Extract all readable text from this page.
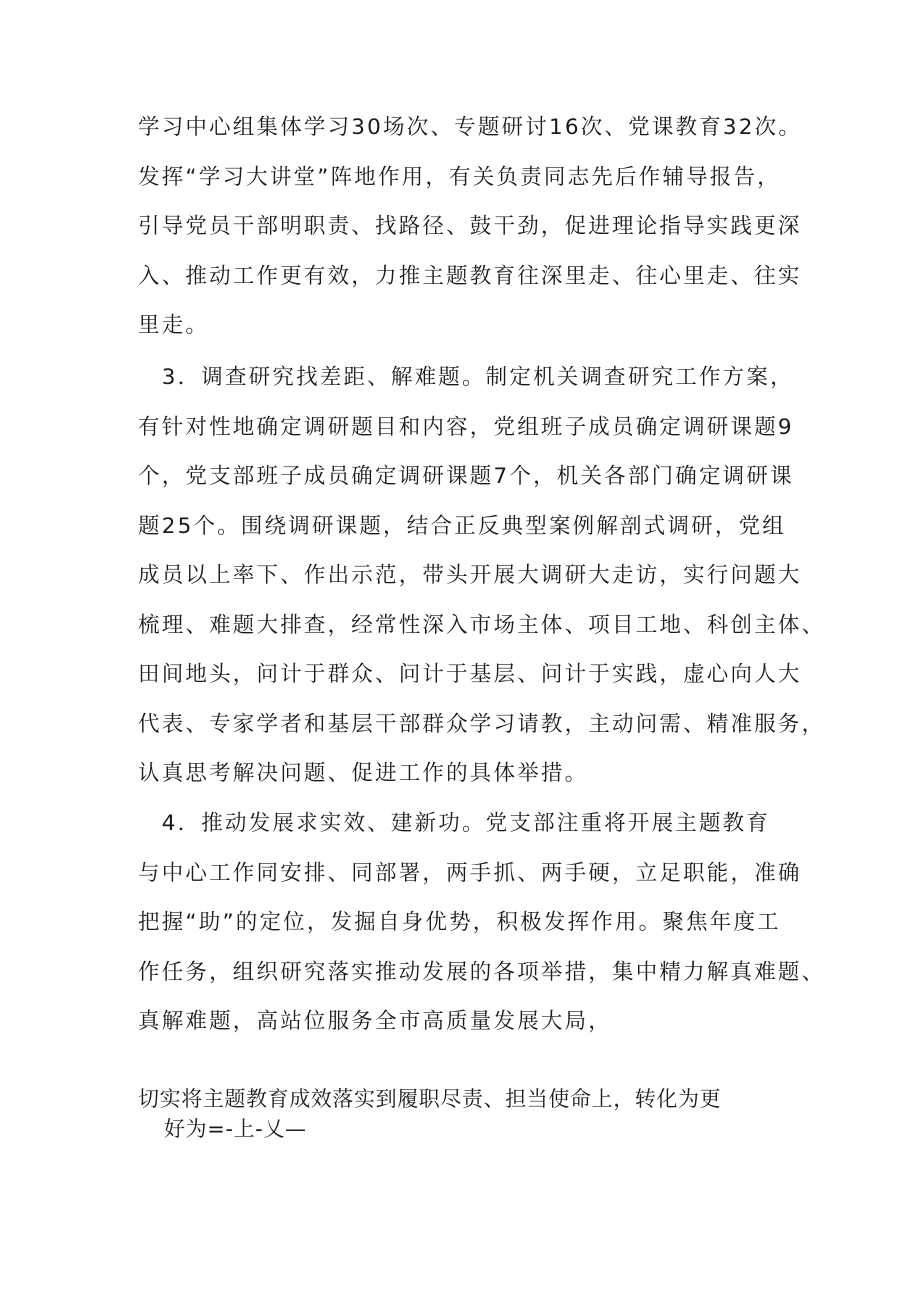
学习中心组集体学习30场次、专题研讨16次、党课教育32次。
发挥“学习大讲堂”阵地作用，有关负责同志先后作辅导报告，
引导党员干部明职责、找路径、鼓干劲，促进理论指导实践更深
入、推动工作更有效，力推主题教育往深里走、往心里走、往实
里走。

　3．调查研究找差距、解难题。制定机关调查研究工作方案，
有针对性地确定调研题目和内容，党组班子成员确定调研课题9
个，党支部班子成员确定调研课题7个，机关各部门确定调研课
题25个。围绕调研课题，结合正反典型案例解剖式调研，党组
成员以上率下、作出示范，带头开展大调研大走访，实行问题大
梳理、难题大排查，经常性深入市场主体、项目工地、科创主体、
田间地头，问计于群众、问计于基层、问计于实践，虚心向人大
代表、专家学者和基层干部群众学习请教，主动问需、精准服务，
认真思考解决问题、促进工作的具体举措。

　4．推动发展求实效、建新功。党支部注重将开展主题教育
与中心工作同安排、同部署，两手抓、两手硬，立足职能，准确
把握“助”的定位，发掘自身优势，积极发挥作用。聚焦年度工
作任务，组织研究落实推动发展的各项举措，集中精力解真难题、
真解难题，高站位服务全市高质量发展大局，

切实将主题教育成效落实到履职尽责、担当使命上，转化为更

好为=-上-乂—
